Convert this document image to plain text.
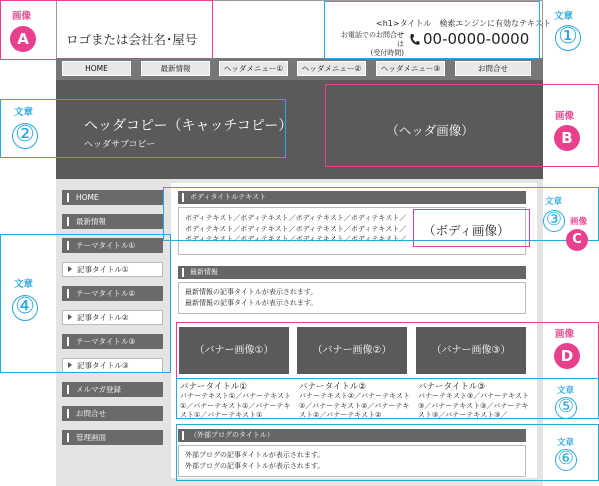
ロゴまたは会社名･屋号
<h1>タイトル　検索エンジンに有効なテキスト
お電話でのお問合せは
(受付時間)
00-0000-0000
HOME	最新情報	ヘッダメニュー①	ヘッダメニュー②	ヘッダメニュー③	お問合せ
ヘッダコピー（キャッチコピー）
ヘッダサブコピー
（ヘッダ画像）
HOME
最新情報
テーマタイトル①
記事タイトル①
テーマタイトル②
記事タイトル②
テーマタイトル③
記事タイトル③
メルマガ登録
お問合せ
管理画面
ボディタイトルテキスト
ボディテキスト／ボディテキスト／ボディテキスト／ボディテキスト／
ボディテキスト／ボディテキスト／ボディテキスト／ボディテキスト／
ボディテキスト／ボディテキスト／ボディテキスト／ボディテキスト／
（ボディ画像）
最新情報
最新情報の記事タイトルが表示されます。
最新情報の記事タイトルが表示されます。
（バナー画像①）	（バナー画像②）	（バナー画像③）
バナータイトル①
バナーテキスト①／バナーテキスト
①／バナーテキスト①／バナーテキ
スト①／バナーテキスト①
バナータイトル②
バナーテキスト②／バナーテキスト
②／バナーテキスト②／バナーテキ
スト②／バナーテキスト②
バナータイトル③
バナーテキスト③／バナーテキスト
③／バナーテキスト③／バナーテキ
スト③／バナーテキスト③／
（外部ブログのタイトル）
外部ブログの記事タイトルが表示されます。
外部ブログの記事タイトルが表示されます。
画像
A
文章
①
文章
②
画像
B
文章
③ 画像
C
文章
④
画像
D
文章
⑤
文章
⑥
